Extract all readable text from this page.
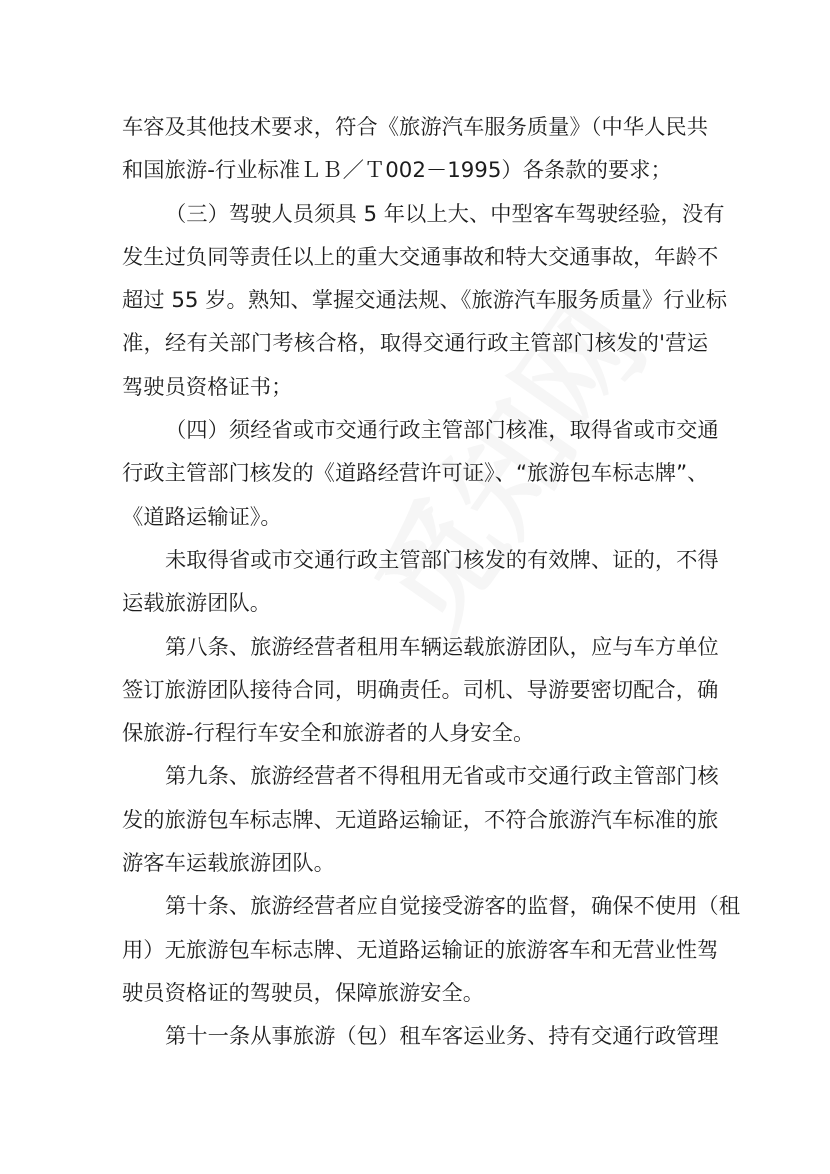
车容及其他技术要求，符合《旅游汽车服务质量》（中华人民共
和国旅游-行业标准ＬＢ／Ｔ002－1995）各条款的要求；
（三）驾驶人员须具 5 年以上大、中型客车驾驶经验，没有
发生过负同等责任以上的重大交通事故和特大交通事故，年龄不
超过 55 岁。熟知、掌握交通法规、《旅游汽车服务质量》行业标
准，经有关部门考核合格，取得交通行政主管部门核发的'营运
驾驶员资格证书；
（四）须经省或市交通行政主管部门核准，取得省或市交通
行政主管部门核发的《道路经营许可证》、“旅游包车标志牌”、
《道路运输证》。
未取得省或市交通行政主管部门核发的有效牌、证的，不得
运载旅游团队。
第八条、旅游经营者租用车辆运载旅游团队，应与车方单位
签订旅游团队接待合同，明确责任。司机、导游要密切配合，确
保旅游-行程行车安全和旅游者的人身安全。
第九条、旅游经营者不得租用无省或市交通行政主管部门核
发的旅游包车标志牌、无道路运输证，不符合旅游汽车标准的旅
游客车运载旅游团队。
第十条、旅游经营者应自觉接受游客的监督，确保不使用（租
用）无旅游包车标志牌、无道路运输证的旅游客车和无营业性驾
驶员资格证的驾驶员，保障旅游安全。
第十一条从事旅游（包）租车客运业务、持有交通行政管理
